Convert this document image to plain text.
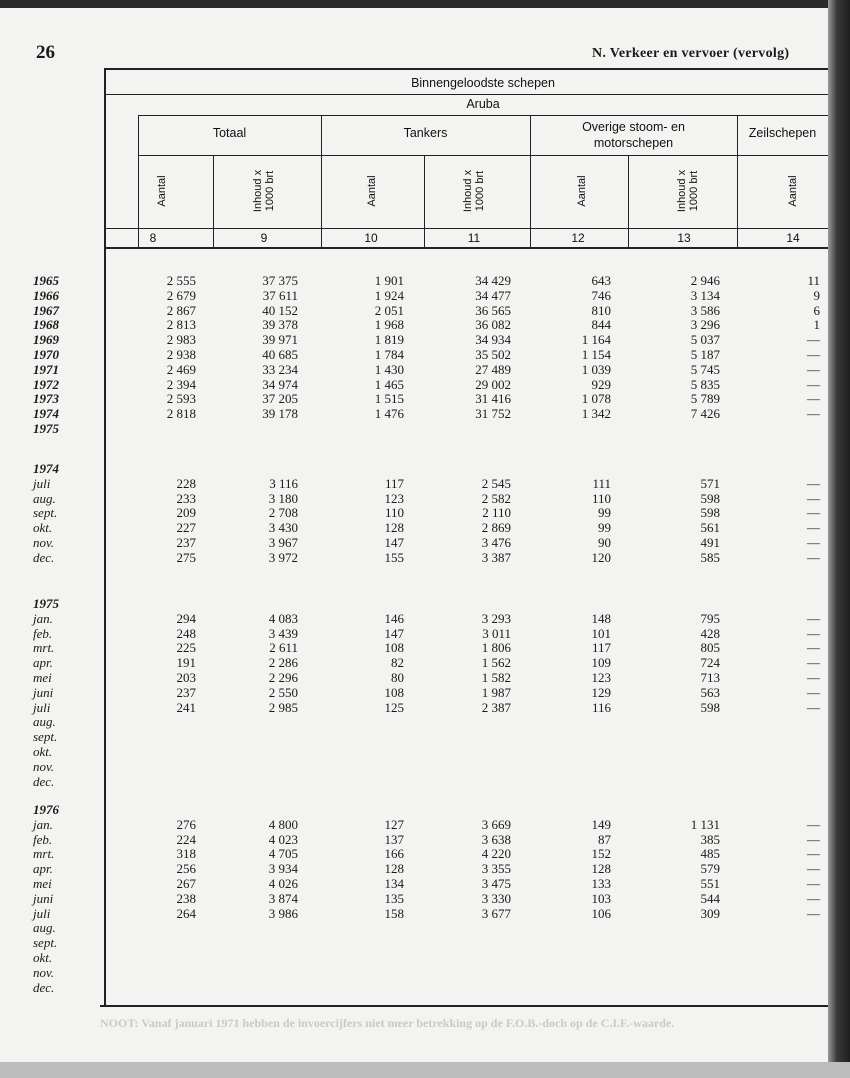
NOOT: Vanaf januari 1971 hebben de invoercijfers niet meer betrekking op de F.O.B.-doch op de C.I.F.-waarde.
26	N. Verkeer en vervoer (vervolg)
Binnengeloodste schepen
Aruba
Totaal	Tankers	Overige stoom- en motorschepen
Zeilschepen
Aantal	Inhoud x 1000 brt	Aantal	Inhoud x 1000 brt	Aantal	Inhoud x 1000 brt	Aantal
8	9	10	11	12	13	14
1965	2 555	37 375	1 901	34 429	643	2 946	11
1966	2 679	37 611	1 924	34 477	746	3 134	9
1967	2 867	40 152	2 051	36 565	810	3 586	6
1968	2 813	39 378	1 968	36 082	844	3 296	1
1969	2 983	39 971	1 819	34 934	1 164	5 037	—
1970	2 938	40 685	1 784	35 502	1 154	5 187	—
1971	2 469	33 234	1 430	27 489	1 039	5 745	—
1972	2 394	34 974	1 465	29 002	929	5 835	—
1973	2 593	37 205	1 515	31 416	1 078	5 789	—
1974	2 818	39 178	1 476	31 752	1 342	7 426	—
1975
1974
juli	228	3 116	117	2 545	111	571	—
aug.	233	3 180	123	2 582	110	598	—
sept.	209	2 708	110	2 110	99	598	—
okt.	227	3 430	128	2 869	99	561	—
nov.	237	3 967	147	3 476	90	491	—
dec.	275	3 972	155	3 387	120	585	—
1975
jan.	294	4 083	146	3 293	148	795	—
feb.	248	3 439	147	3 011	101	428	—
mrt.	225	2 611	108	1 806	117	805	—
apr.	191	2 286	82	1 562	109	724	—
mei	203	2 296	80	1 582	123	713	—
juni	237	2 550	108	1 987	129	563	—
juli	241	2 985	125	2 387	116	598	—
aug.
sept.
okt.
nov.
dec.
1976
jan.	276	4 800	127	3 669	149	1 131	—
feb.	224	4 023	137	3 638	87	385	—
mrt.	318	4 705	166	4 220	152	485	—
apr.	256	3 934	128	3 355	128	579	—
mei	267	4 026	134	3 475	133	551	—
juni	238	3 874	135	3 330	103	544	—
juli	264	3 986	158	3 677	106	309	—
aug.
sept.
okt.
nov.
dec.
